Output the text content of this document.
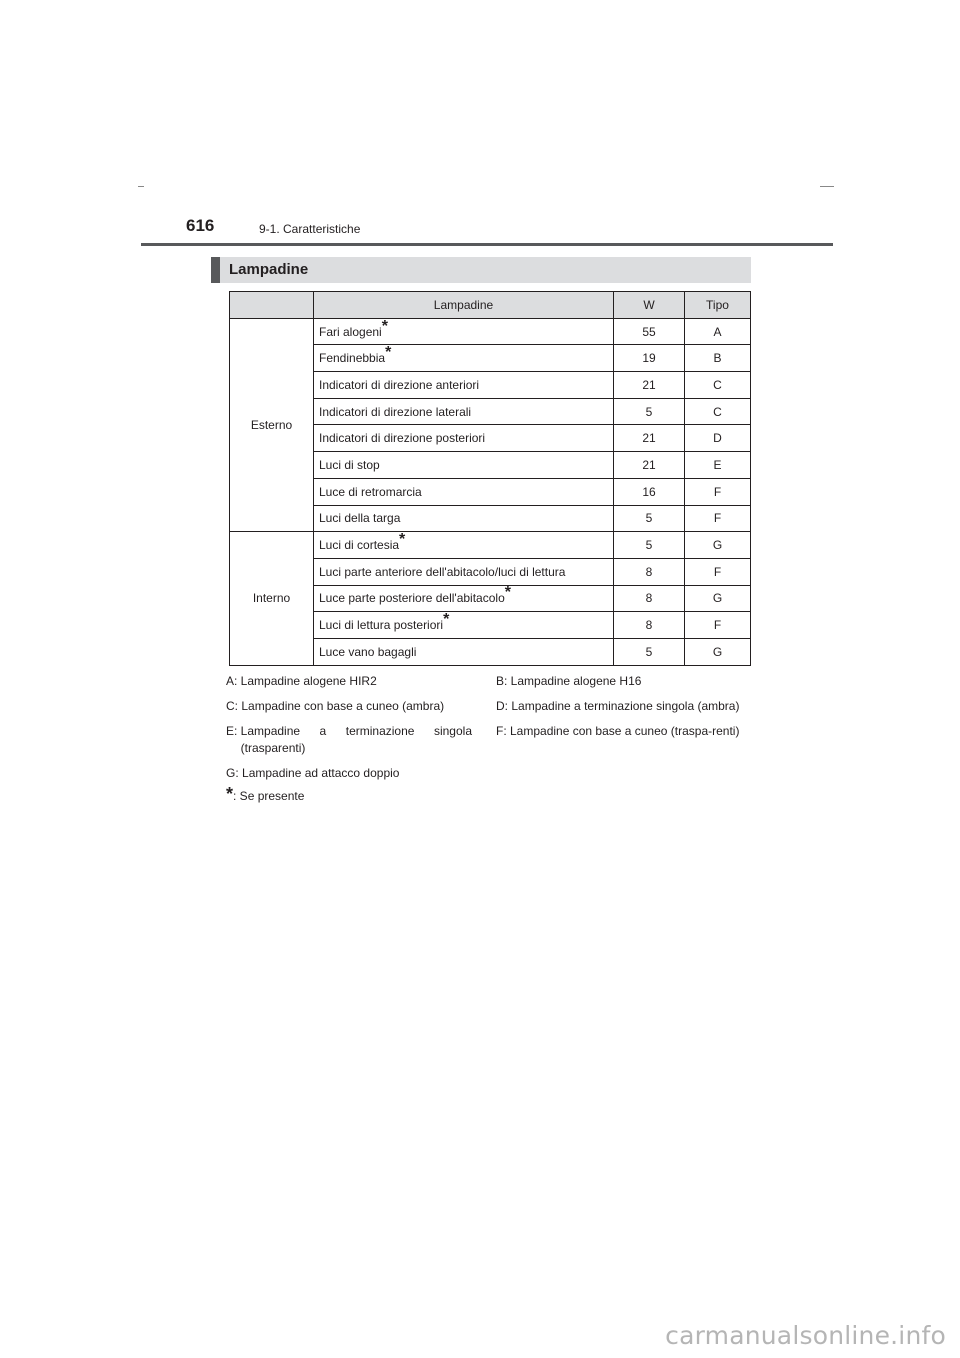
616	9-1. Caratteristiche
Lampadine
	Lampadine	W	Tipo
Esterno	Fari alogeni*	55	A
	Fendinebbia*	19	B
	Indicatori di direzione anteriori	21	C
	Indicatori di direzione laterali	5	C
	Indicatori di direzione posteriori	21	D
	Luci di stop	21	E
	Luce di retromarcia	16	F
	Luci della targa	5	F
Interno	Luci di cortesia*	5	G
	Luci parte anteriore dell'abitacolo/luci di lettura	8	F
	Luce parte posteriore dell'abitacolo*	8	G
	Luci di lettura posteriori*	8	F
	Luce vano bagagli	5	G
A: Lampadine alogene HIR2	B: Lampadine alogene H16
C: Lampadine con base a cuneo (ambra)	D: Lampadine a terminazione singola (ambra)
E: Lampadine a terminazione singola (trasparenti)
F: Lampadine con base a cuneo (traspa-renti)
G: Lampadine ad attacco doppio
* : Se presente
carmanualsonline.info
